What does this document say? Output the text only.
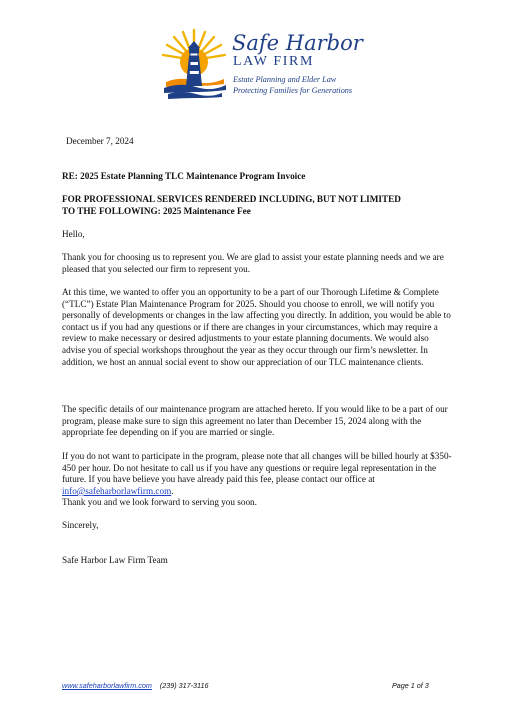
Safe Harbor
LAW FIRM
Estate Planning and Elder Law
Protecting Families for Generations

December 7, 2024

RE: 2025 Estate Planning TLC Maintenance Program Invoice

FOR PROFESSIONAL SERVICES RENDERED INCLUDING, BUT NOT LIMITED

TO THE FOLLOWING: 2025 Maintenance Fee

Hello,

Thank you for choosing us to represent you. We are glad to assist your estate planning needs and we are pleased that you selected our firm to represent you.

At this time, we wanted to offer you an opportunity to be a part of our Thorough Lifetime & Complete (“TLC”) Estate Plan Maintenance Program for 2025. Should you choose to enroll, we will notify you personally of developments or changes in the law affecting you directly. In addition, you would be able to contact us if you had any questions or if there are changes in your circumstances, which may require a review to make necessary or desired adjustments to your estate planning documents. We would also advise you of special workshops throughout the year as they occur through our firm’s newsletter. In addition, we host an annual social event to show our appreciation of our TLC maintenance clients.

The specific details of our maintenance program are attached hereto. If you would like to be a part of our program, please make sure to sign this agreement no later than December 15, 2024 along with the appropriate fee depending on if you are married or single.

If you do not want to participate in the program, please note that all changes will be billed hourly at $350-450 per hour. Do not hesitate to call us if you have any questions or require legal representation in the future. If you have believe you have already paid this fee, please contact our office at info@safeharborlawfirm.com.

Thank you and we look forward to serving you soon.

Sincerely,

Safe Harbor Law Firm Team

www.safeharborlawfirm.com (239) 317-3116	Page 1 of 3
